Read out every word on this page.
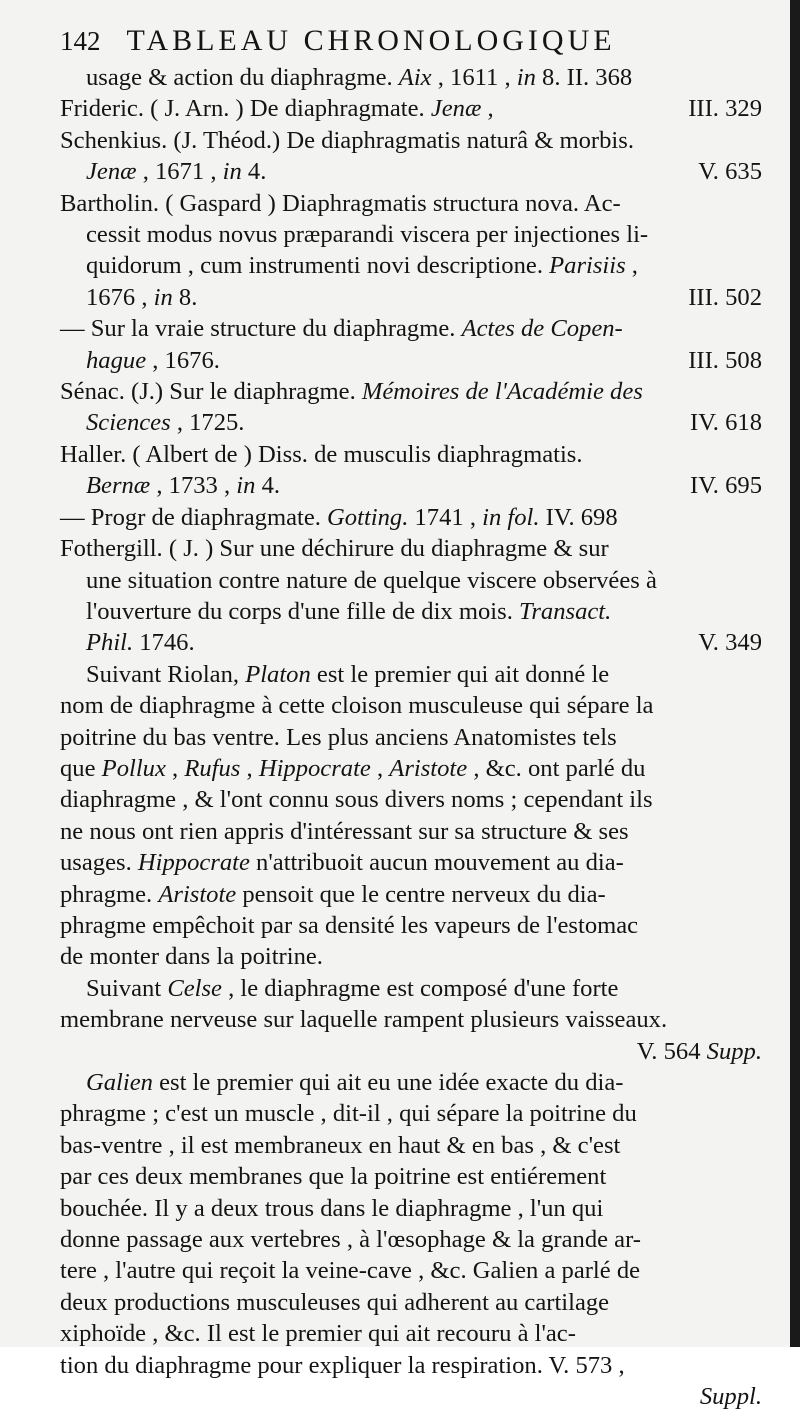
142 TABLEAU CHRONOLOGIQUE
usage & action du diaphragme. Aix , 1611 , in 8. II. 368
Frideric. ( J. Arn. ) De diaphragmate. Jenæ ,	III. 329
Schenkius. (J. Théod.) De diaphragmatis naturâ & morbis.
Jenæ , 1671 , in 4.	V. 635
Bartholin. ( Gaspard ) Diaphragmatis structura nova. Ac-
cessit modus novus præparandi viscera per injectiones li-
quidorum , cum instrumenti novi descriptione. Parisiis ,
1676 , in 8.	III. 502
— Sur la vraie structure du diaphragme. Actes de Copen-
hague , 1676.	III. 508
Sénac. (J.) Sur le diaphragme. Mémoires de l'Académie des
Sciences , 1725.	IV. 618
Haller. ( Albert de ) Diss. de musculis diaphragmatis.
Bernæ , 1733 , in 4.	IV. 695
— Progr de diaphragmate. Gotting. 1741 , in fol. IV. 698
Fothergill. ( J. ) Sur une déchirure du diaphragme & sur
une situation contre nature de quelque viscere observées à
l'ouverture du corps d'une fille de dix mois. Transact.
Phil. 1746.	V. 349
Suivant Riolan, Platon est le premier qui ait donné le
nom de diaphragme à cette cloison musculeuse qui sépare la
poitrine du bas ventre. Les plus anciens Anatomistes tels
que Pollux , Rufus , Hippocrate , Aristote , &c. ont parlé du
diaphragme , & l'ont connu sous divers noms ; cependant ils
ne nous ont rien appris d'intéressant sur sa structure & ses
usages. Hippocrate n'attribuoit aucun mouvement au dia-
phragme. Aristote pensoit que le centre nerveux du dia-
phragme empêchoit par sa densité les vapeurs de l'estomac
de monter dans la poitrine.
Suivant Celse , le diaphragme est composé d'une forte
membrane nerveuse sur laquelle rampent plusieurs vaisseaux.
V. 564 Supp.
Galien est le premier qui ait eu une idée exacte du dia-
phragme ; c'est un muscle , dit-il , qui sépare la poitrine du
bas-ventre , il est membraneux en haut & en bas , & c'est
par ces deux membranes que la poitrine est entiérement
bouchée. Il y a deux trous dans le diaphragme , l'un qui
donne passage aux vertebres , à l'œsophage & la grande ar-
tere , l'autre qui reçoit la veine-cave , &c. Galien a parlé de
deux productions musculeuses qui adherent au cartilage
xiphoïde , &c. Il est le premier qui ait recouru à l'ac-
tion du diaphragme pour expliquer la respiration. V. 573 ,
Suppl.
